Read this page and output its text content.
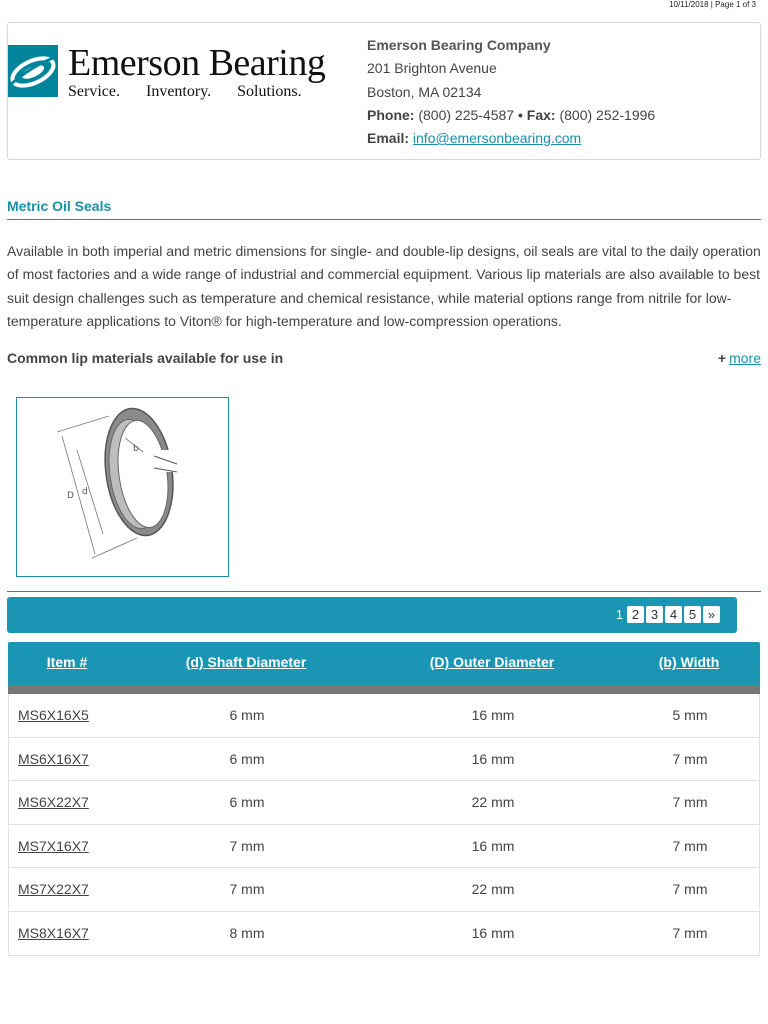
10/11/2018 | Page 1 of 3
Emerson Bearing
Service. Inventory. Solutions.
Emerson Bearing Company
201 Brighton Avenue
Boston, MA 02134
Phone: (800) 225-4587 • Fax: (800) 252-1996
Email: info@emersonbearing.com
Metric Oil Seals

Available in both imperial and metric dimensions for single- and double-lip designs, oil seals are vital to the daily operation of most factories and a wide range of industrial and commercial equipment. Various lip materials are also available to best suit design challenges such as temperature and chemical resistance, while material options range from nitrile for low-temperature applications to Viton® for high-temperature and low-compression operations.

Common lip materials available for use in	+ more
b
D d
1 2 3 4 5 »
Item #	(d) Shaft Diameter	(D) Outer Diameter	(b) Width
MS6X16X5	6 mm	16 mm	5 mm
MS6X16X7	6 mm	16 mm	7 mm
MS6X22X7	6 mm	22 mm	7 mm
MS7X16X7	7 mm	16 mm	7 mm
MS7X22X7	7 mm	22 mm	7 mm
MS8X16X7	8 mm	16 mm	7 mm
